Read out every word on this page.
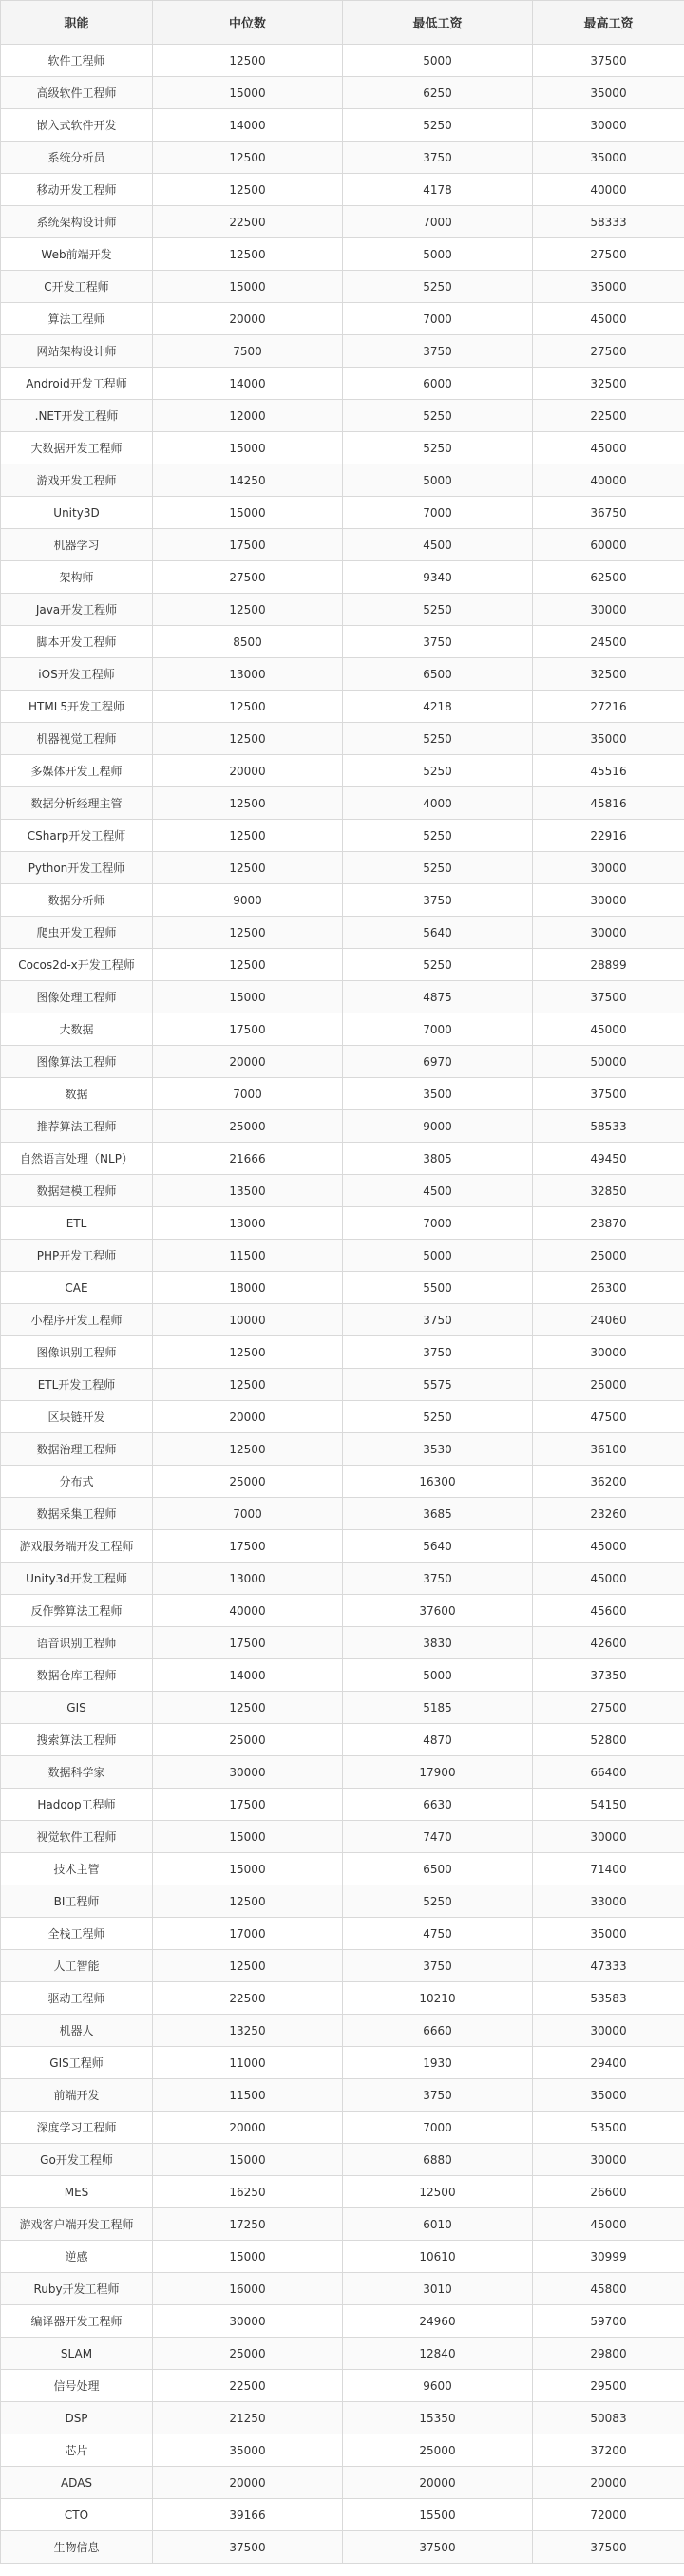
职能	中位数	最低工资	最高工资
软件工程师	12500	5000	37500
高级软件工程师	15000	6250	35000
嵌入式软件开发	14000	5250	30000
系统分析员	12500	3750	35000
移动开发工程师	12500	4178	40000
系统架构设计师	22500	7000	58333
Web前端开发	12500	5000	27500
C开发工程师	15000	5250	35000
算法工程师	20000	7000	45000
网站架构设计师	7500	3750	27500
Android开发工程师	14000	6000	32500
.NET开发工程师	12000	5250	22500
大数据开发工程师	15000	5250	45000
游戏开发工程师	14250	5000	40000
Unity3D	15000	7000	36750
机器学习	17500	4500	60000
架构师	27500	9340	62500
Java开发工程师	12500	5250	30000
脚本开发工程师	8500	3750	24500
iOS开发工程师	13000	6500	32500
HTML5开发工程师	12500	4218	27216
机器视觉工程师	12500	5250	35000
多媒体开发工程师	20000	5250	45516
数据分析经理主管	12500	4000	45816
CSharp开发工程师	12500	5250	22916
Python开发工程师	12500	5250	30000
数据分析师	9000	3750	30000
爬虫开发工程师	12500	5640	30000
Cocos2d-x开发工程师	12500	5250	28899
图像处理工程师	15000	4875	37500
大数据	17500	7000	45000
图像算法工程师	20000	6970	50000
数据	7000	3500	37500
推荐算法工程师	25000	9000	58533
自然语言处理（NLP）	21666	3805	49450
数据建模工程师	13500	4500	32850
ETL	13000	7000	23870
PHP开发工程师	11500	5000	25000
CAE	18000	5500	26300
小程序开发工程师	10000	3750	24060
图像识别工程师	12500	3750	30000
ETL开发工程师	12500	5575	25000
区块链开发	20000	5250	47500
数据治理工程师	12500	3530	36100
分布式	25000	16300	36200
数据采集工程师	7000	3685	23260
游戏服务端开发工程师	17500	5640	45000
Unity3d开发工程师	13000	3750	45000
反作弊算法工程师	40000	37600	45600
语音识别工程师	17500	3830	42600
数据仓库工程师	14000	5000	37350
GIS	12500	5185	27500
搜索算法工程师	25000	4870	52800
数据科学家	30000	17900	66400
Hadoop工程师	17500	6630	54150
视觉软件工程师	15000	7470	30000
技术主管	15000	6500	71400
BI工程师	12500	5250	33000
全栈工程师	17000	4750	35000
人工智能	12500	3750	47333
驱动工程师	22500	10210	53583
机器人	13250	6660	30000
GIS工程师	11000	1930	29400
前端开发	11500	3750	35000
深度学习工程师	20000	7000	53500
Go开发工程师	15000	6880	30000
MES	16250	12500	26600
游戏客户端开发工程师	17250	6010	45000
逆感	15000	10610	30999
Ruby开发工程师	16000	3010	45800
编译器开发工程师	30000	24960	59700
SLAM	25000	12840	29800
信号处理	22500	9600	29500
DSP	21250	15350	50083
芯片	35000	25000	37200
ADAS	20000	20000	20000
CTO	39166	15500	72000
生物信息	37500	37500	37500
